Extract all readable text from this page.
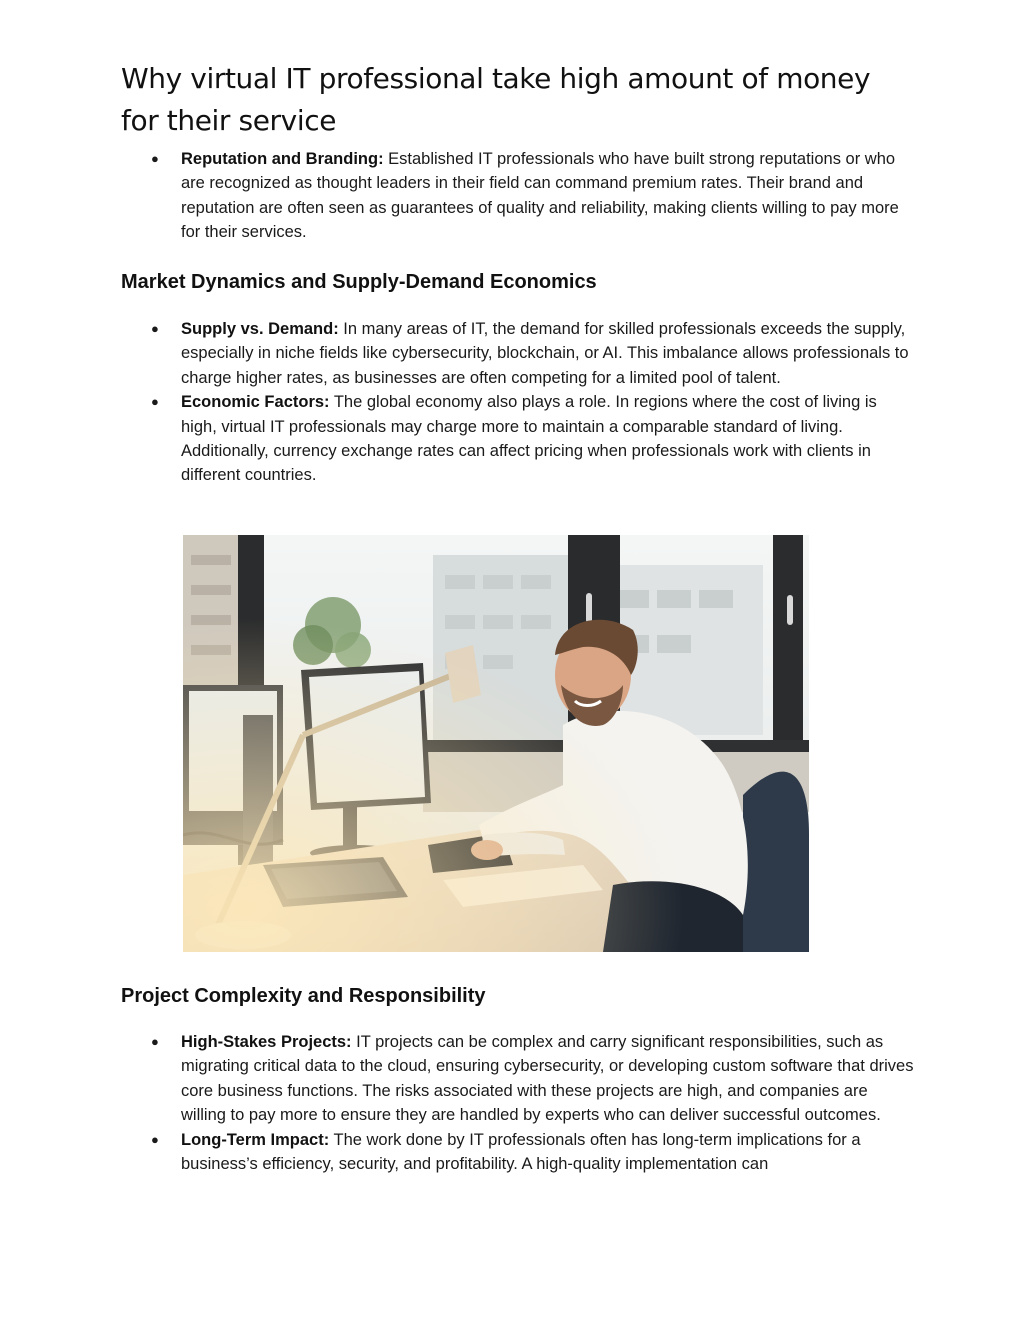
Why virtual IT professional take high amount of money for their service
● Reputation and Branding: Established IT professionals who have built strong reputations or who are recognized as thought leaders in their field can command premium rates. Their brand and reputation are often seen as guarantees of quality and reliability, making clients willing to pay more for their services.
Market Dynamics and Supply-Demand Economics
● Supply vs. Demand: In many areas of IT, the demand for skilled professionals exceeds the supply, especially in niche fields like cybersecurity, blockchain, or AI. This imbalance allows professionals to charge higher rates, as businesses are often competing for a limited pool of talent.
● Economic Factors: The global economy also plays a role. In regions where the cost of living is high, virtual IT professionals may charge more to maintain a comparable standard of living. Additionally, currency exchange rates can affect pricing when professionals work with clients in different countries.
Project Complexity and Responsibility
● High-Stakes Projects: IT projects can be complex and carry significant responsibilities, such as migrating critical data to the cloud, ensuring cybersecurity, or developing custom software that drives core business functions. The risks associated with these projects are high, and companies are willing to pay more to ensure they are handled by experts who can deliver successful outcomes.
● Long-Term Impact: The work done by IT professionals often has long-term implications for a business’s efficiency, security, and profitability. A high-quality implementation can
